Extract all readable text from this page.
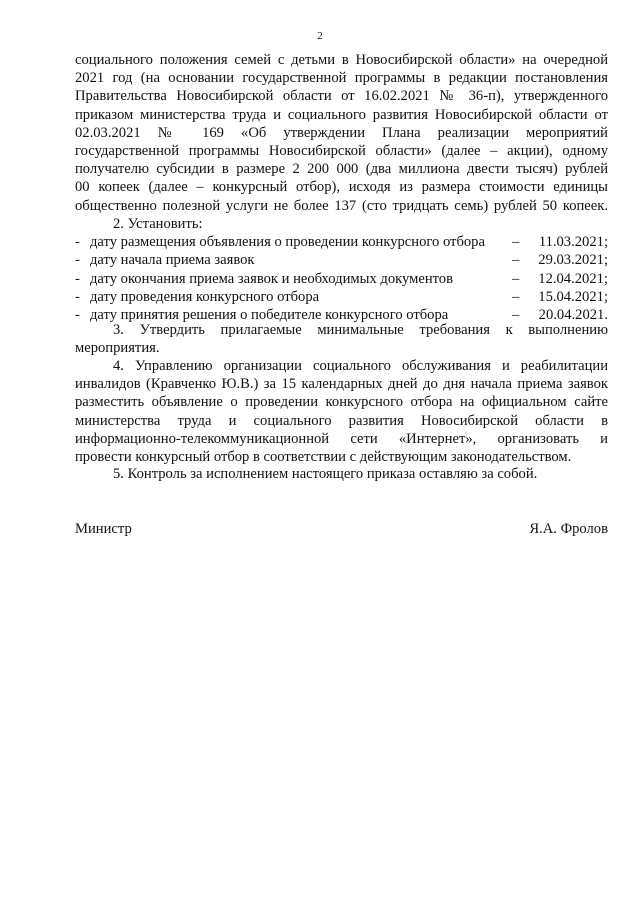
2
социального положения семей с детьми в Новосибирской области» на очередной
2021 год (на основании государственной программы в редакции постановления
Правительства Новосибирской области от 16.02.2021 № 36-п), утвержденного
приказом министерства труда и социального развития Новосибирской области от
02.03.2021 № 169 «Об утверждении Плана реализации мероприятий
государственной программы Новосибирской области» (далее – акции), одному
получателю субсидии в размере 2 200 000 (два миллиона двести тысяч) рублей
00 копеек (далее – конкурсный отбор), исходя из размера стоимости единицы
общественно полезной услуги не более 137 (сто тридцать семь) рублей 50 копеек.
2. Установить:
- дату размещения объявления о проведении конкурсного отбора – 11.03.2021;
- дату начала приема заявок	– 29.03.2021;
- дату окончания приема заявок и необходимых документов	– 12.04.2021;
- дату проведения конкурсного отбора	– 15.04.2021;
- дату принятия решения о победителе конкурсного отбора	– 20.04.2021.
3. Утвердить прилагаемые минимальные требования к выполнению
мероприятия.
4. Управлению организации социального обслуживания и реабилитации
инвалидов (Кравченко Ю.В.) за 15 календарных дней до дня начала приема заявок
разместить объявление о проведении конкурсного отбора на официальном сайте
министерства труда и социального развития Новосибирской области в
информационно-телекоммуникационной сети «Интернет», организовать и
провести конкурсный отбор в соответствии с действующим законодательством.
5. Контроль за исполнением настоящего приказа оставляю за собой.
Министр	Я.А. Фролов
